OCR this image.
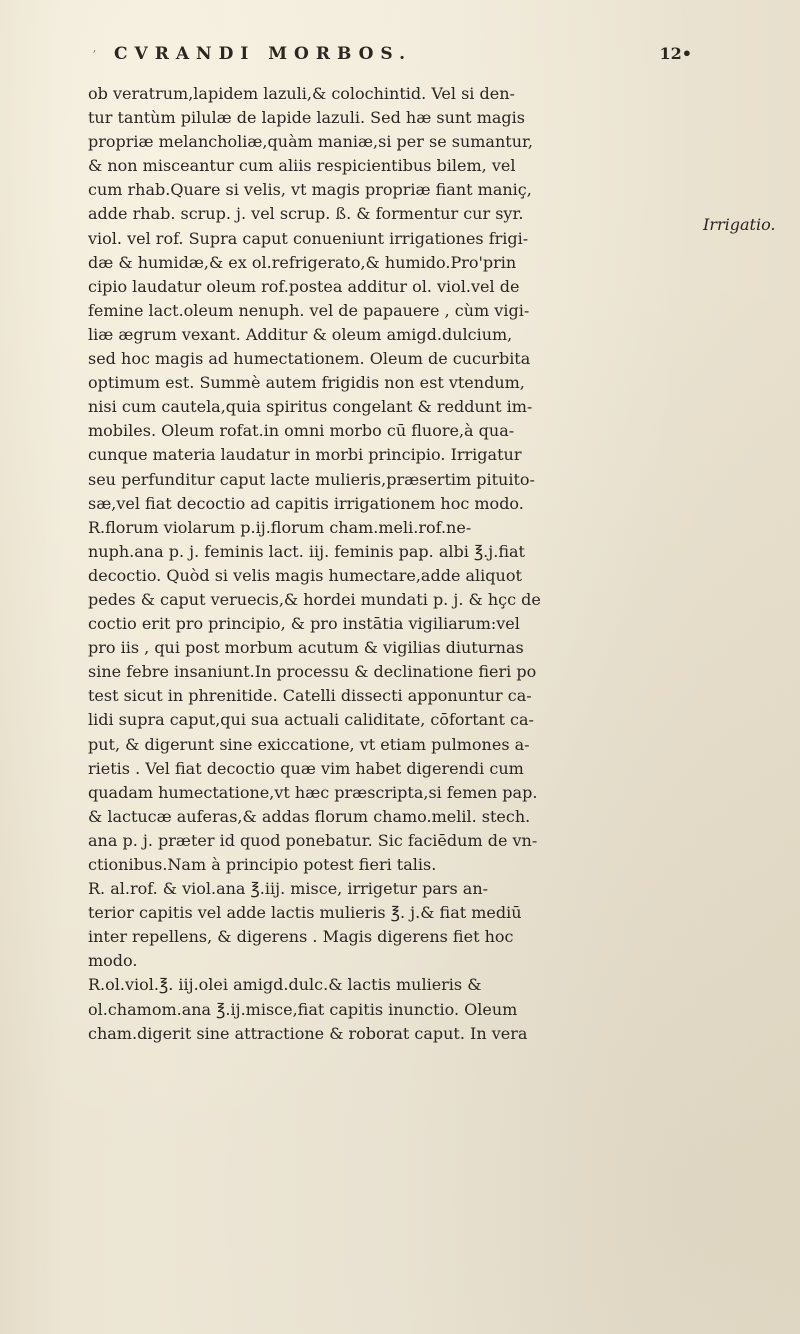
ʼ CVRANDI MORBOS.	12•
Irrigatio.
ob veratrum,lapidem lazuli,& colochintid. Vel si den-
tur tantùm pilulæ de lapide lazuli. Sed hæ sunt magis
propriæ melancholiæ,quàm maniæ,si per se sumantur,
& non misceantur cum aliis respicientibus bilem, vel
cum rhab.Quare si velis, vt magis propriæ fiant maniç,
adde rhab. scrup. j. vel scrup. ß. & formentur cur syr.
viol. vel rof. Supra caput conueniunt irrigationes frigi-
dæ & humidæ,& ex ol.refrigerato,& humido.Pro'prin
cipio laudatur oleum rof.postea additur ol. viol.vel de
femine lact.oleum nenuph. vel de papauere , cùm vigi-
liæ ægrum vexant. Additur & oleum amigd.dulcium,
sed hoc magis ad humectationem. Oleum de cucurbita
optimum est. Summè autem frigidis non est vtendum,
nisi cum cautela,quia spiritus congelant & reddunt im-
mobiles. Oleum rofat.in omni morbo cū fluore,à qua-
cunque materia laudatur in morbi principio. Irrigatur
seu perfunditur caput lacte mulieris,præsertim pituito-
sæ,vel fiat decoctio ad capitis irrigationem hoc modo.
R.florum violarum p.ij.florum cham.meli.rof.ne-
nuph.ana p. j. feminis lact. iij. feminis pap. albi ℥.j.fiat
decoctio. Quòd si velis magis humectare,adde aliquot
pedes & caput veruecis,& hordei mundati p. j. & hçc de
coctio erit pro principio, & pro instātia vigiliarum:vel
pro iis , qui post morbum acutum & vigilias diuturnas
sine febre insaniunt.In processu & declinatione fieri po
test sicut in phrenitide. Catelli dissecti apponuntur ca-
lidi supra caput,qui sua actuali caliditate, cōfortant ca-
put, & digerunt sine exiccatione, vt etiam pulmones a-
rietis . Vel fiat decoctio quæ vim habet digerendi cum
quadam humectatione,vt hæc præscripta,si femen pap.
& lactucæ auferas,& addas florum chamo.melil. stech.
ana p. j. præter id quod ponebatur. Sic faciēdum de vn-
ctionibus.Nam à principio potest fieri talis.
R. al.rof. & viol.ana ℥.iij. misce, irrigetur pars an-
terior capitis vel adde lactis mulieris ℥. j.& fiat mediū
inter repellens, & digerens . Magis digerens fiet hoc
modo.
R.ol.viol.℥. iij.olei amigd.dulc.& lactis mulieris &
ol.chamom.ana ℥.ij.misce,fiat capitis inunctio. Oleum
cham.digerit sine attractione & roborat caput. In vera
